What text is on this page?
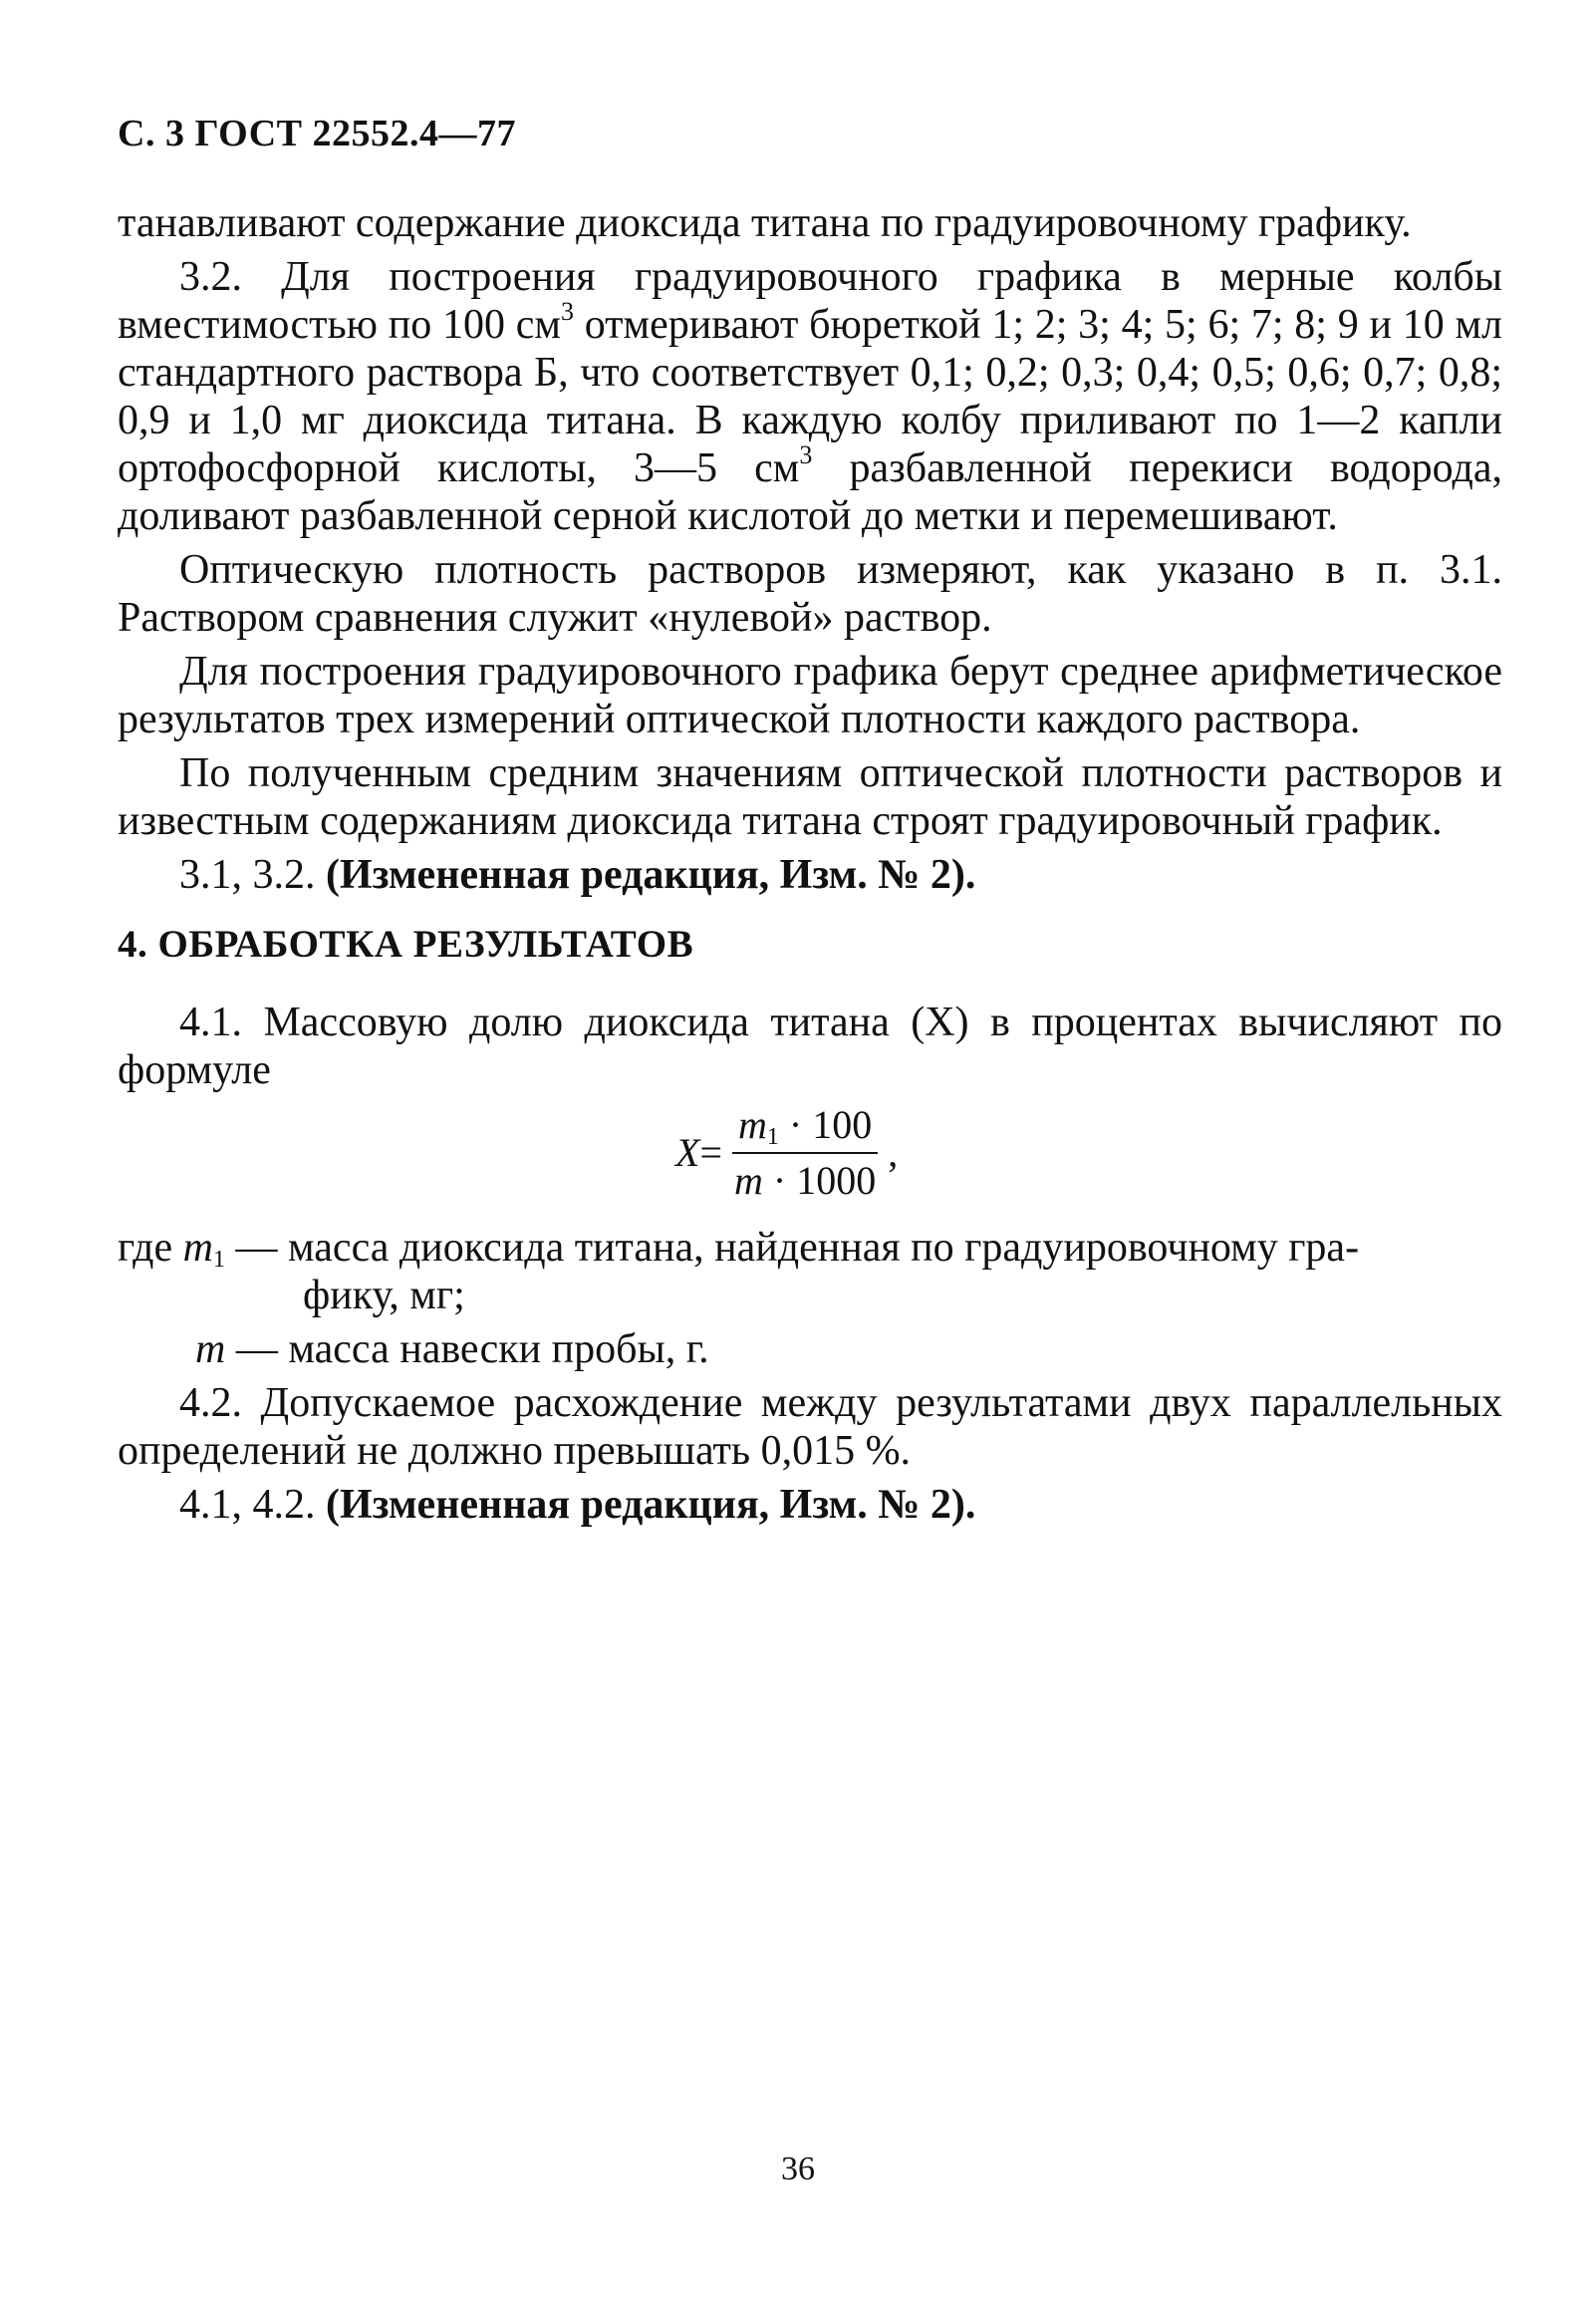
С. 3 ГОСТ 22552.4—77

танавливают содержание диоксида титана по градуировочному графику.

3.2. Для построения градуировочного графика в мерные колбы вместимостью по 100 $см^3$ отмеривают бюреткой 1; 2; 3; 4; 5; 6; 7; 8; 9 и 10 мл стандартного раствора Б, что соответствует 0,1; 0,2; 0,3; 0,4; 0,5; 0,6; 0,7; 0,8; 0,9 и 1,0 мг диоксида титана. В каждую колбу приливают по 1—2 капли ортофосфорной кислоты, 3—5 $см^3$ разбавленной перекиси водорода, доливают разбавленной серной кислотой до метки и перемешивают.

Оптическую плотность растворов измеряют, как указано в п. 3.1. Раствором сравнения служит «нулевой» раствор.

Для построения градуировочного графика берут среднее арифметическое результатов трех измерений оптической плотности каждого раствора.

По полученным средним значениям оптической плотности растворов и известным содержаниям диоксида титана строят градуировочный график.

3.1, 3.2. (Измененная редакция, Изм. № 2).

4. ОБРАБОТКА РЕЗУЛЬТАТОВ

4.1. Массовую долю диоксида титана (X) в процентах вычисляют по формуле

$X = \frac{m_1 \cdot 100}{m \cdot 1000}$ ,

где $m_1$ — масса диоксида титана, найденная по градуировочному гра-
фику, мг;

m — масса навески пробы, г.

4.2. Допускаемое расхождение между результатами двух параллельных определений не должно превышать 0,015 %.

4.1, 4.2. (Измененная редакция, Изм. № 2).

36
